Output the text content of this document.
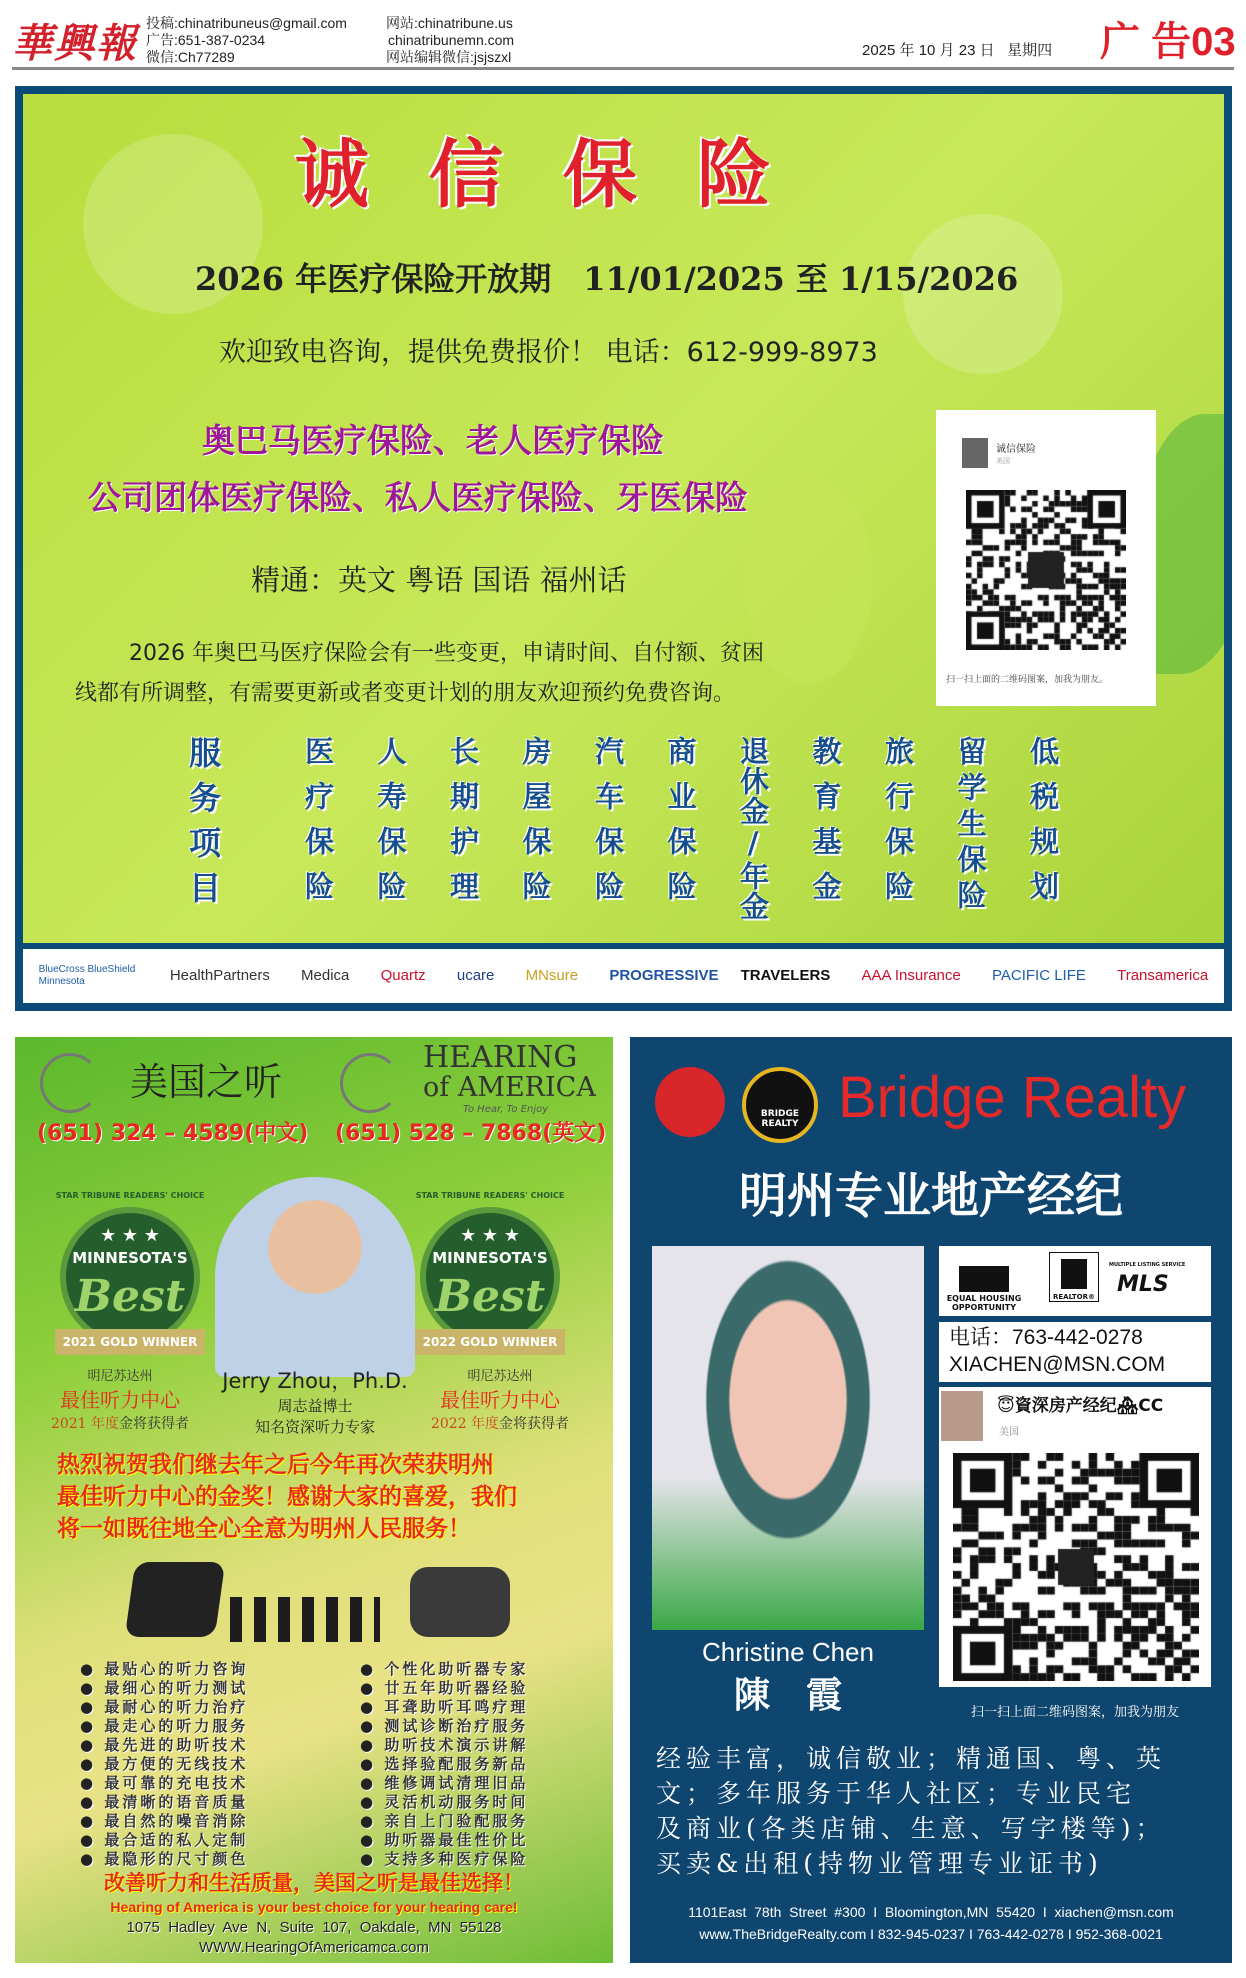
華興報 投稿:chinatribuneus@gmail.com
广告:651-387-0234
微信:Ch77289
网站:chinatribune.us
chinatribunemn.com
网站编辑微信:jsjszxl	2025 年 10 月 23 日 星期四 广 告03
诚信保险
2026 年医疗保险开放期　11/01/2025 至 1/15/2026
欢迎致电咨询，提供免费报价！ 电话：612-999-8973
奥巴马医疗保险、老人医疗保险
公司团体医疗保险、私人医疗保险、牙医保险
精通：英文 粤语 国语 福州话
2026 年奥巴马医疗保险会有一些变更，申请时间、自付额、贫困
线都有所调整，有需要更新或者变更计划的朋友欢迎预约免费咨询。
诚信保险
美国
扫一扫上面的二维码图案，加我为朋友。
服务项目	医疗保险 人寿保险 长期护理 房屋保险 汽车保险 商业保险 退休金/年金 教育基金 旅行保险 留学生保险 低税规划
BlueCross BlueShield Minnesota	HealthPartners Medica Quartz ucare MNsure PROGRESSIVE TRAVELERS AAA Insurance PACIFIC LIFE Transamerica
美国之听
HEARING
of AMERICA
To Hear, To Enjoy
(651) 324 – 4589(中文) (651) 528 – 7868(英文)
STAR TRIBUNE READERS' CHOICE
★ ★ ★
MINNESOTA'S
Best
2021 GOLD WINNER
STAR TRIBUNE READERS' CHOICE
★ ★ ★
MINNESOTA'S
Best
2022 GOLD WINNER
Jerry Zhou，Ph.D.
周志益博士
知名资深听力专家
热烈祝贺我们继去年之后今年再次荣获明州
最佳听力中心的金奖！感谢大家的喜爱，我们
将一如既往地全心全意为明州人民服务！
● 最贴心的听力咨询
● 最细心的听力测试
● 最耐心的听力治疗
● 最走心的听力服务
● 最先进的助听技术
● 最方便的无线技术
● 最可靠的充电技术
● 最清晰的语音质量
● 最自然的噪音消除
● 最合适的私人定制
● 最隐形的尺寸颜色
● 个性化助听器专家
● 廿五年助听器经验
● 耳聋助听耳鸣疗理
● 测试诊断治疗服务
● 助听技术演示讲解
● 选择验配服务新品
● 维修调试清理旧品
● 灵活机动服务时间
● 亲自上门验配服务
● 助听器最佳性价比
● 支持多种医疗保险
改善听力和生活质量，美国之听是最佳选择！
Hearing of America is your best choice for your hearing care!
1075  Hadley  Ave  N,  Suite  107,  Oakdale,  MN  55128
WWW.HearingOfAmericamca.com
明尼苏达州
最佳听力中心
2021 年度金将获得者
明尼苏达州
最佳听力中心
2022 年度金将获得者
BRIDGE REALTY Bridge Realty
明州专业地产经纪
Christine Chen
陳　霞
EQUAL HOUSING OPPORTUNITY
REALTOR®
MULTIPLE LISTING SERVICE
MLS
电话：763-442-0278
XIACHEN@MSN.COM
😇資深房产经纪🏘CC
美国
扫一扫上面二维码图案，加我为朋友
经验丰富，诚信敬业；精通国、粤、英
文；多年服务于华人社区；专业民宅
及商业(各类店铺、生意、写字楼等)；
买卖&出租(持物业管理专业证书)
1101East  78th  Street  #300  I  Bloomington,MN  55420  I  xiachen@msn.com
www.TheBridgeRealty.com I 832-945-0237 I 763-442-0278 I 952-368-0021
